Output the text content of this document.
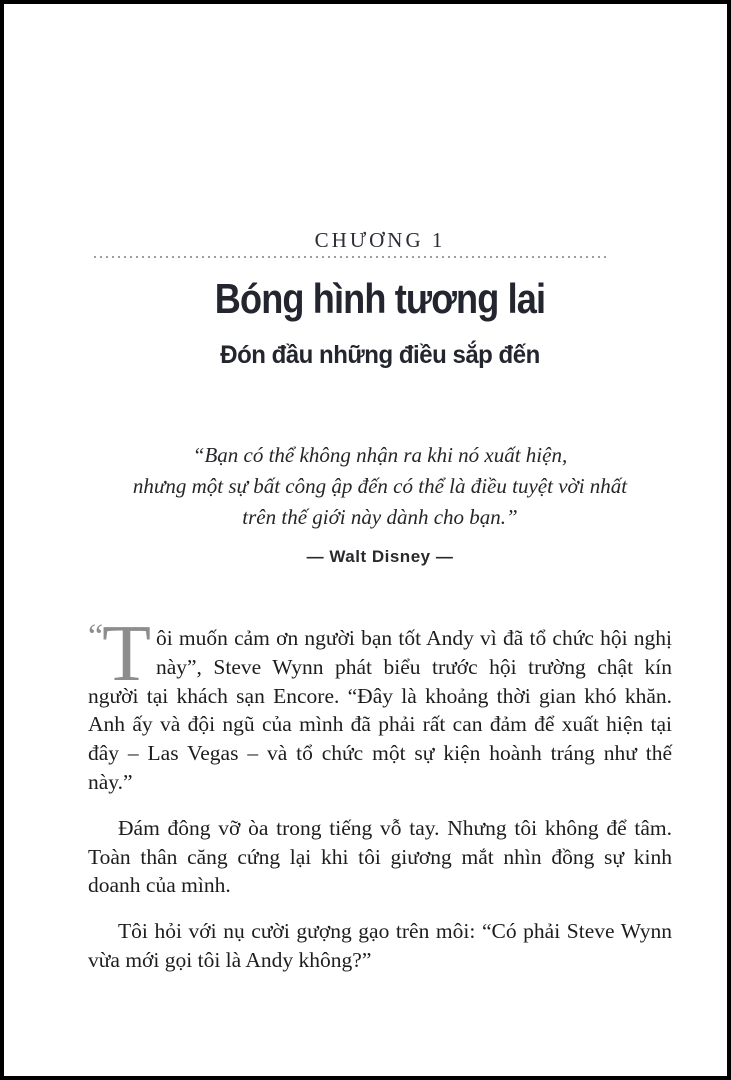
CHƯƠNG 1
Bóng hình tương lai
Đón đầu những điều sắp đến
“Bạn có thể không nhận ra khi nó xuất hiện,
nhưng một sự bất công ập đến có thể là điều tuyệt vời nhất
trên thế giới này dành cho bạn.”
— Walt Disney —

“ T ôi muốn cảm ơn người bạn tốt Andy vì đã tổ chức hội nghị này”, Steve Wynn phát biểu trước hội trường chật kín người tại khách sạn Encore. “Đây là khoảng thời gian khó khăn. Anh ấy và đội ngũ của mình đã phải rất can đảm để xuất hiện tại đây – Las Vegas – và tổ chức một sự kiện hoành tráng như thế này.”

Đám đông vỡ òa trong tiếng vỗ tay. Nhưng tôi không để tâm. Toàn thân căng cứng lại khi tôi giương mắt nhìn đồng sự kinh doanh của mình.

Tôi hỏi với nụ cười gượng gạo trên môi: “Có phải Steve Wynn vừa mới gọi tôi là Andy không?”
